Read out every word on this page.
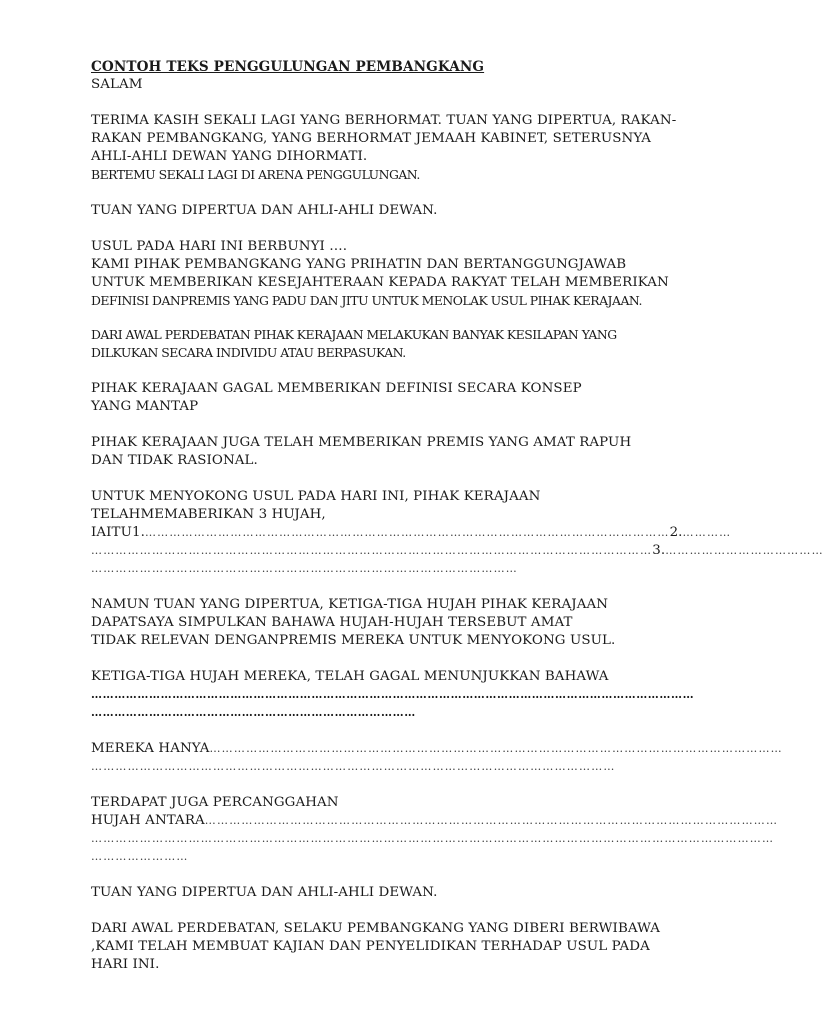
CONTOH TEKS PENGGULUNGAN PEMBANGKANG
SALAM
TERIMA KASIH SEKALI LAGI YANG BERHORMAT. TUAN YANG DIPERTUA, RAKAN-
RAKAN PEMBANGKANG, YANG BERHORMAT JEMAAH KABINET, SETERUSNYA
AHLI-AHLI DEWAN YANG DIHORMATI.
BERTEMU SEKALI LAGI DI ARENA PENGGULUNGAN.
TUAN YANG DIPERTUA DAN AHLI-AHLI DEWAN.
USUL PADA HARI INI BERBUNYI ….
KAMI PIHAK PEMBANGKANG YANG PRIHATIN DAN BERTANGGUNGJAWAB
UNTUK MEMBERIKAN KESEJAHTERAAN KEPADA RAKYAT TELAH MEMBERIKAN
DEFINISI DANPREMIS YANG PADU DAN JITU UNTUK MENOLAK USUL PIHAK KERAJAAN.
DARI AWAL PERDEBATAN PIHAK KERAJAAN MELAKUKAN BANYAK KESILAPAN YANG
DILKUKAN SECARA INDIVIDU ATAU BERPASUKAN.
PIHAK KERAJAAN GAGAL MEMBERIKAN DEFINISI SECARA KONSEP
YANG MANTAP
PIHAK KERAJAAN JUGA TELAH MEMBERIKAN PREMIS YANG AMAT RAPUH
DAN TIDAK RASIONAL.
UNTUK MENYOKONG USUL PADA HARI INI, PIHAK KERAJAAN
TELAHMEMABERIKAN 3 HUJAH,
IAITU1. ………………………………………………………………………………………………………………… 2. …………
………………………………………………………………………………………………………………………… 3. …………………………………
……………………………………………………………………………………………
NAMUN TUAN YANG DIPERTUA, KETIGA-TIGA HUJAH PIHAK KERAJAAN
DAPATSAYA SIMPULKAN BAHAWA HUJAH-HUJAH TERSEBUT AMAT
TIDAK RELEVAN DENGANPREMIS MEREKA UNTUK MENYOKONG USUL.
KETIGA-TIGA HUJAH MEREKA, TELAH GAGAL MENUNJUKKAN BAHAWA
…………………………………………………………………………………………………………………………………………
…………………………………………………………………………
MEREKA HANYA ……………………………………………………………………………………………………………………………
…………………………………………………………………………………………………………………
TERDAPAT JUGA PERCANGGAHAN
HUJAH ANTARA ……………………………………………………………………………………………………………………………
……………………………………………………………………………………………………………………………………………………
……………………
TUAN YANG DIPERTUA DAN AHLI-AHLI DEWAN.
DARI AWAL PERDEBATAN, SELAKU PEMBANGKANG YANG DIBERI BERWIBAWA
,KAMI TELAH MEMBUAT KAJIAN DAN PENYELIDIKAN TERHADAP USUL PADA
HARI INI.
